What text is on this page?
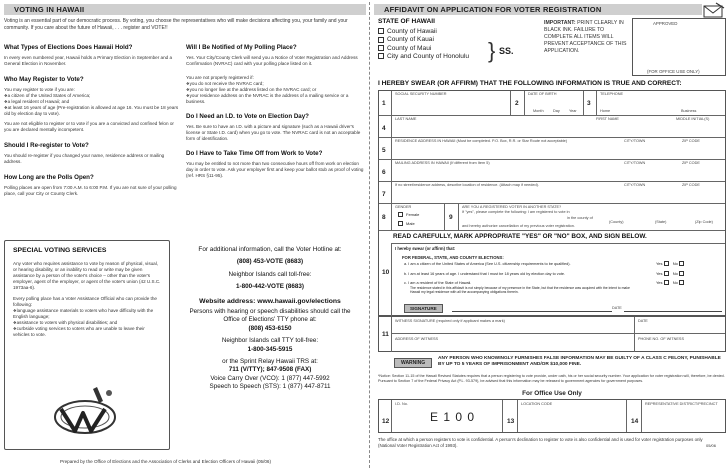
VOTING IN HAWAII
Voting is an essential part of our democratic process. By voting, you choose the representatives who will make decisions affecting you, your family and your community. If you care about the future of Hawaii, . . . register and VOTE!!
What Types of Elections Does Hawaii Hold?
In every even numbered year, Hawaii holds a Primary Election in September and a General Election in November.
Who May Register to Vote?
You may register to vote if you are:
❖ a citizen of the United States of America;
❖ a legal resident of Hawaii; and
❖ at least 16 years of age (Pre-registration is allowed at age 16. You must be 18 years old by election day to vote).
You are not eligible to register or to vote if you are a convicted and confined felon or you are declared mentally incompetent.
Should I Re-register to Vote?
You should re-register if you changed your name, residence address or mailing address.
How Long are the Polls Open?
Polling places are open from 7:00 A.M. to 6:00 P.M. If you are not sure of your polling place, call your City or County Clerk.
Will I Be Notified of My Polling Place?
Yes. Your City/County Clerk will send you a Notice of Voter Registration and Address Confirmation (NVRAC) card with your polling place listed on it.
You are not properly registered if:
❖ you do not receive the NVRAC card;
❖ you no longer live at the address listed on the NVRAC card; or
❖ your residence address on the NVRAC is the address of a mailing service or a business.
Do I Need an I.D. to Vote on Election Day?
Yes. Be sure to have an I.D. with a picture and signature (such as a Hawaii driver's license or State I.D. card) when you go to vote. The NVRAC card is not an acceptable form of identification.
Do I Have to Take Time Off from Work to Vote?
You may be entitled to not more than two consecutive hours off from work on election day in order to vote. Ask your employer first and keep your ballot stub as proof of voting (ref. HRS §11-95).
SPECIAL VOTING SERVICES
Any voter who requires assistance to vote by reason of physical, visual, or hearing disability, or an inability to read or write may be given assistance by a person of the voter's choice – other than the voter's employer, agent of the employer, or agent of the voter's union (42 U.S.C. 1973aa-6).
Every polling place has a Voter Assistance Official who can provide the following:
❖ language assistance materials to voters who have difficulty with the English language;
❖ assistance to voters with physical disabilities; and
❖ curbside voting services to voters who are unable to leave their vehicles to vote.
For additional information, call the Voter Hotline at:
(808) 453-VOTE (8683)
Neighbor Islands call toll-free:
1-800-442-VOTE (8683)
Website address: www.hawaii.gov/elections
Persons with hearing or speech disabilities should call the Office of Elections' TTY phone at:
(808) 453-6150
Neighbor Islands call TTY toll-free:
1-800-345-5915
or the Sprint Relay Hawaii TRS at:
711 (V/TTY); 847-9508 (FAX)
Voice Carry Over (VCO): 1 (877) 447-5992
Speech to Speech (STS): 1 (877) 447-8711
Prepared by the Office of Elections and the Association of Clerks and Election Officers of Hawaii (05/06)
AFFIDAVIT ON APPLICATION FOR VOTER REGISTRATION
STATE OF HAWAII
County of Hawaii
County of Kauai
County of Maui
City and County of Honolulu } SS.
IMPORTANT: PRINT CLEARLY IN BLACK INK. FAILURE TO COMPLETE ALL ITEMS WILL PREVENT ACCEPTANCE OF THIS APPLICATION.
APPROVED
(FOR OFFICE USE ONLY)
I HEREBY SWEAR (OR AFFIRM) THAT THE FOLLOWING INFORMATION IS TRUE AND CORRECT:
1
SOCIAL SECURITY NUMBER
2
DATE OF BIRTH
Month Day Year
3
TELEPHONE
Home	Business
4
LAST NAME	FIRST NAME	MIDDLE INITIAL(S)
5
RESIDENCE ADDRESS IN HAWAII (Must be completed. P.O. Box, R.R. or Star Route not acceptable)	CITY/TOWN	ZIP CODE
6
MAILING ADDRESS IN HAWAII (If different from Item 5)	CITY/TOWN	ZIP CODE
7
If no street/residence address, describe location of residence. (Attach map if needed).	CITY/TOWN	ZIP CODE
8
GENDER
Female
Male
9
ARE YOU A REGISTERED VOTER IN ANOTHER STATE?
If "yes", please complete the following: I am registered to vote in
in the county of
and hereby authorize cancellation of my previous voter registration.
(County)	(State)	(Zip Code)
READ CAREFULLY, MARK APPROPRIATE "YES" OR "NO" BOX, AND SIGN BELOW.
10
I hereby swear (or affirm) that:
FOR FEDERAL, STATE, AND COUNTY ELECTIONS:
a. I am a citizen of the United States of America (See U.S. citizenship requirements to be qualified).
b. I am at least 16 years of age. I understand that I must be 18 years old by election day to vote.
c. I am a resident of the State of Hawaii.
The residence stated in this affidavit is not simply because of my presence in the State, but that the residence was acquired with the intent to make Hawaii my legal residence with all the accompanying obligations therein.
Yes	No
Yes	No
Yes	No
SIGNATURE	DATE
11
WITNESS SIGNATURE (required only if applicant makes a mark)	DATE
ADDRESS OF WITNESS	PHONE NO. OF WITNESS
WARNING
ANY PERSON WHO KNOWINGLY FURNISHES FALSE INFORMATION MAY BE GUILTY OF A CLASS C FELONY, PUNISHABLE BY UP TO 5 YEARS OF IMPRISONMENT AND/OR $10,000 FINE.
*Notice: Section 11-15 of the Hawaii Revised Statutes requires that a person registering to vote provide, under oath, his or her social security number. Your application for voter registration will, therefore, be denied. Pursuant to Section 7 of the Federal Privacy Act (P.L. 93-579), be advised that this information may be released to government agencies for government purposes.
For Office Use Only
12
I.D. No.
E 1 0 0	13
LOCATION CODE
14
REPRESENTATIVE DISTRICT/PRECINCT
The office at which a person registers to vote is confidential. A person's declination to register to vote is also confidential and is used for voter registration purposes only (National Voter Registration Act of 1993).	05/06
